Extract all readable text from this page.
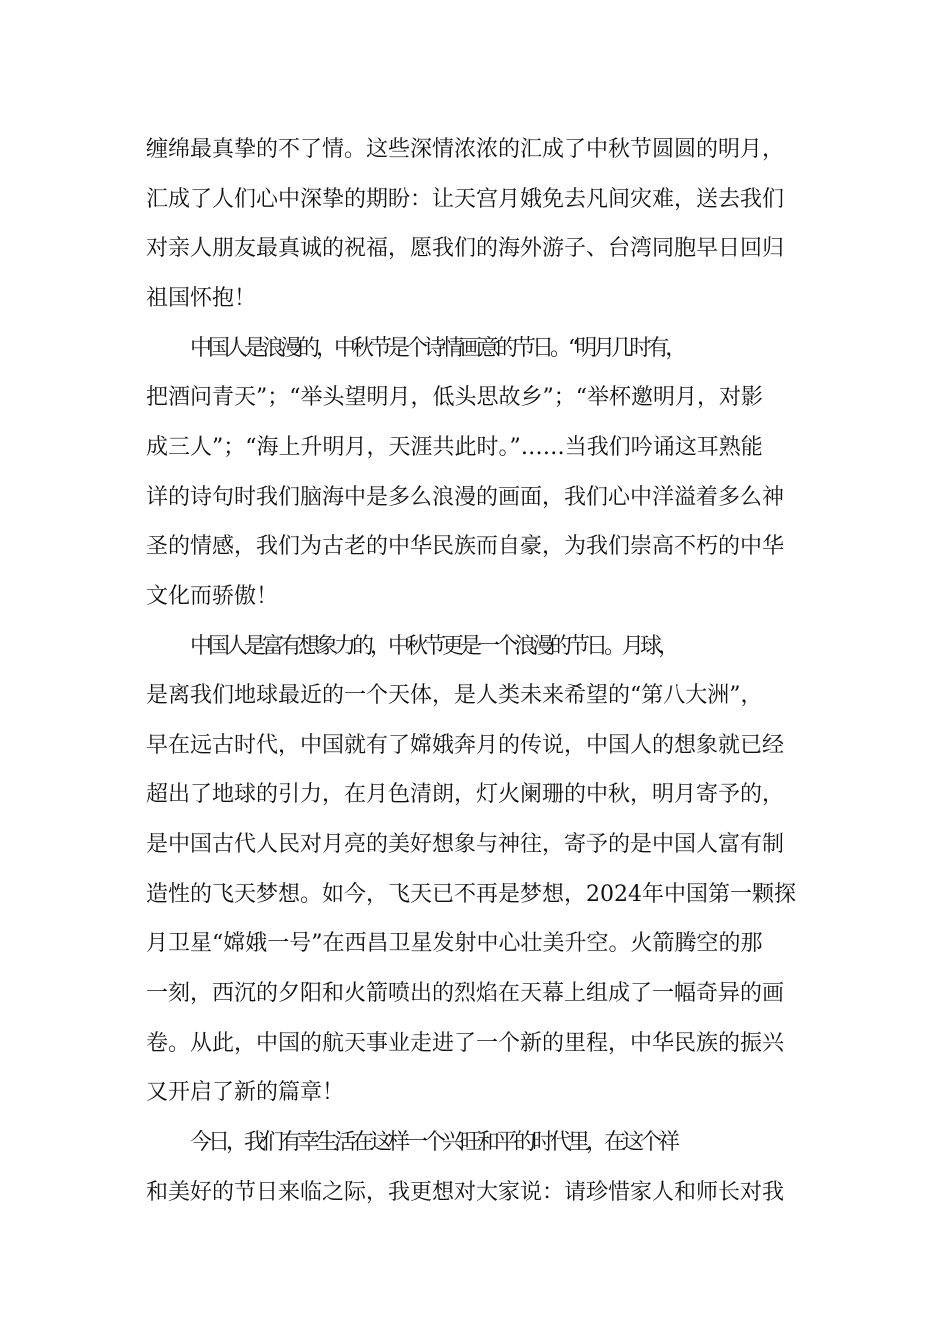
缠绵最真挚的不了情。这些深情浓浓的汇成了中秋节圆圆的明月，
汇成了人们心中深挚的期盼：让天宫月娥免去凡间灾难，送去我们
对亲人朋友最真诚的祝福，愿我们的海外游子、台湾同胞早日回归
祖国怀抱！
中国人是浪漫的，中秋节是个诗情画意的节日。“明月几时有，
把酒问青天”；“举头望明月，低头思故乡”；“举杯邀明月，对影
成三人”；“海上升明月，天涯共此时。”……当我们吟诵这耳熟能
详的诗句时我们脑海中是多么浪漫的画面，我们心中洋溢着多么神
圣的情感，我们为古老的中华民族而自豪，为我们崇高不朽的中华
文化而骄傲！
中国人是富有想象力的，中秋节更是一个浪漫的节日。月球，
是离我们地球最近的一个天体，是人类未来希望的“第八大洲”，
早在远古时代，中国就有了嫦娥奔月的传说，中国人的想象就已经
超出了地球的引力，在月色清朗，灯火阑珊的中秋，明月寄予的，
是中国古代人民对月亮的美好想象与神往，寄予的是中国人富有制
造性的飞天梦想。如今，飞天已不再是梦想，2024年中国第一颗探
月卫星“嫦娥一号”在西昌卫星发射中心壮美升空。火箭腾空的那
一刻，西沉的夕阳和火箭喷出的烈焰在天幕上组成了一幅奇异的画
卷。从此，中国的航天事业走进了一个新的里程，中华民族的振兴
又开启了新的篇章！
今日，我们有幸生活在这样一个兴旺和平的时代里，在这个祥
和美好的节日来临之际，我更想对大家说：请珍惜家人和师长对我
